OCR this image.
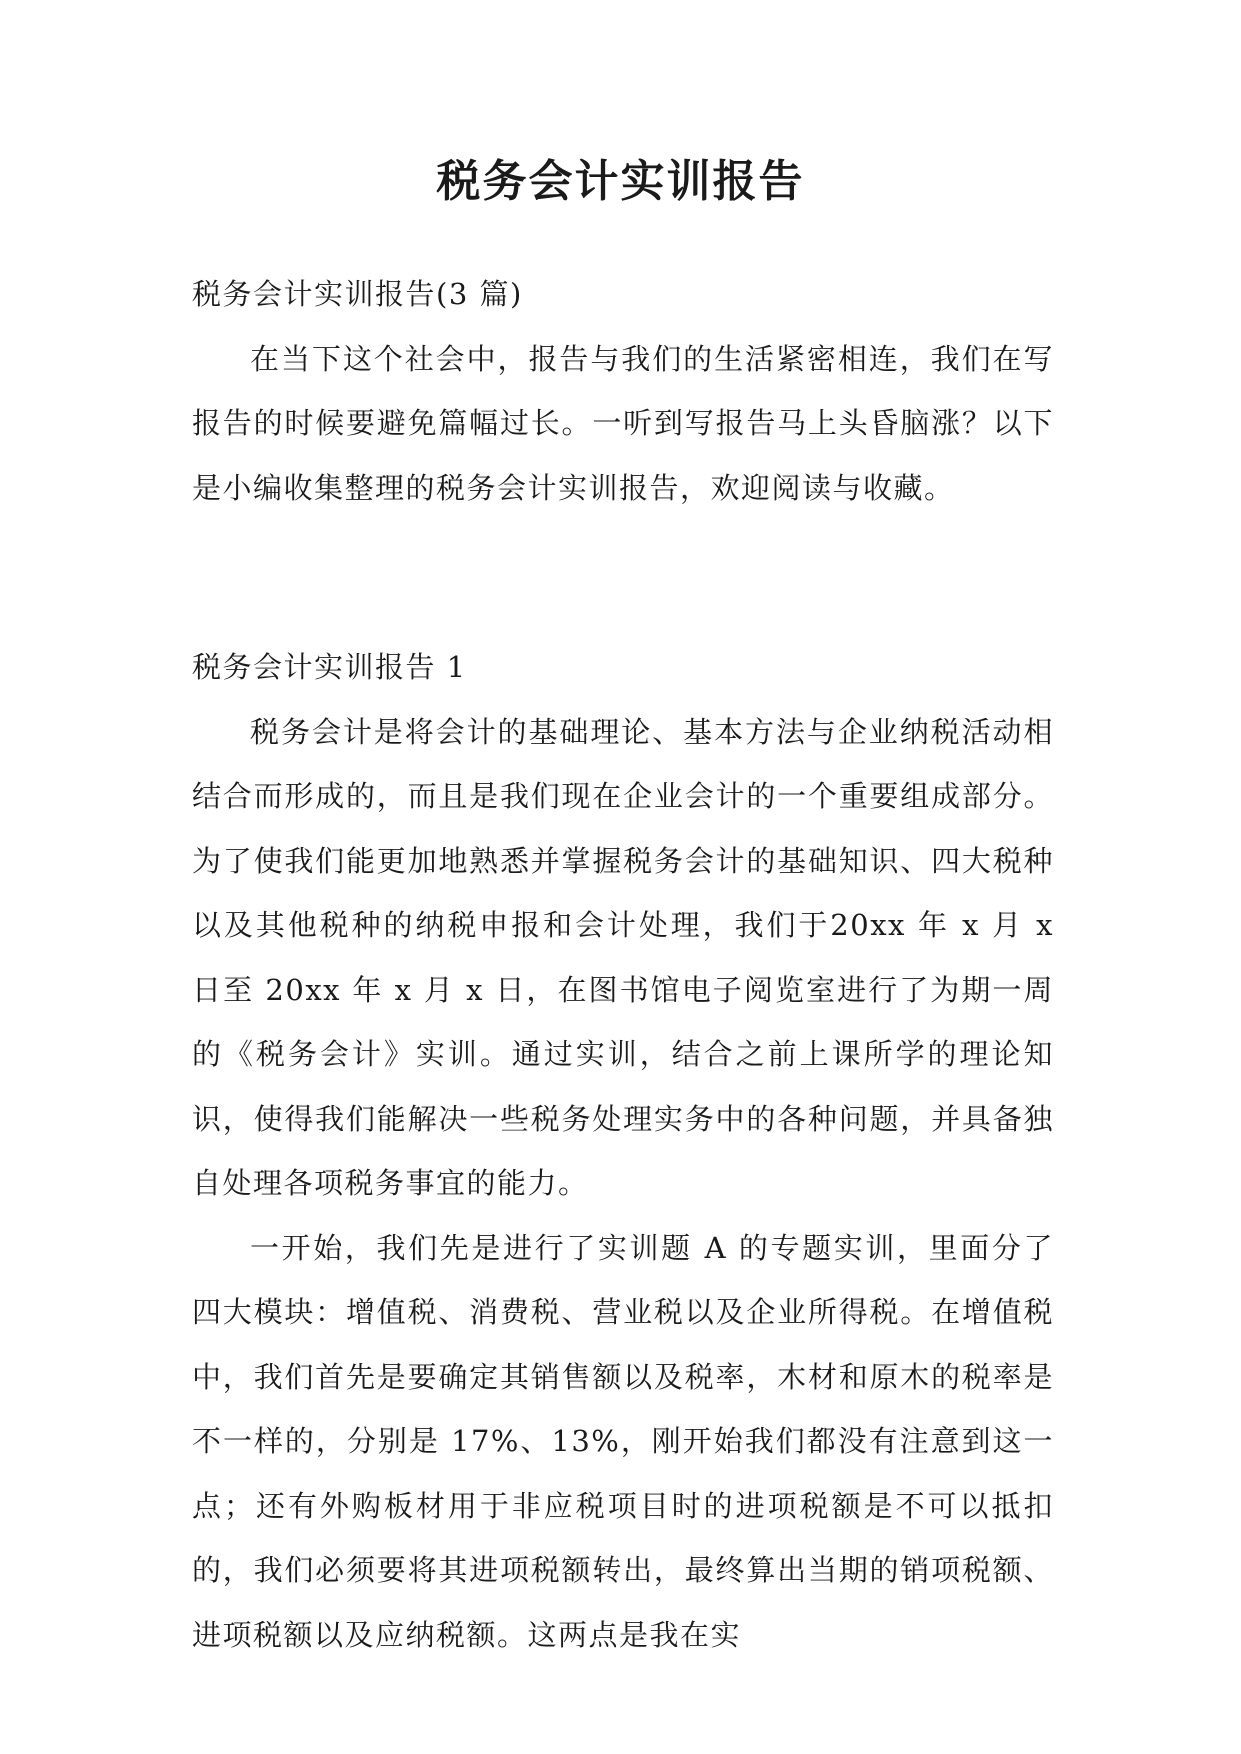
税务会计实训报告

税务会计实训报告(3 篇)

在当下这个社会中，报告与我们的生活紧密相连，我们在写报告的时候要避免篇幅过长。一听到写报告马上头昏脑涨？以下是小编收集整理的税务会计实训报告，欢迎阅读与收藏。

税务会计实训报告 1

税务会计是将会计的基础理论、基本方法与企业纳税活动相结合而形成的，而且是我们现在企业会计的一个重要组成部分。为了使我们能更加地熟悉并掌握税务会计的基础知识、四大税种以及其他税种的纳税申报和会计处理，我们于20xx 年 x 月 x 日至 20xx 年 x 月 x 日，在图书馆电子阅览室进行了为期一周的《税务会计》实训。通过实训，结合之前上课所学的理论知识，使得我们能解决一些税务处理实务中的各种问题，并具备独自处理各项税务事宜的能力。

一开始，我们先是进行了实训题 A 的专题实训，里面分了四大模块：增值税、消费税、营业税以及企业所得税。在增值税中，我们首先是要确定其销售额以及税率，木材和原木的税率是不一样的，分别是 17%、13%，刚开始我们都没有注意到这一点；还有外购板材用于非应税项目时的进项税额是不可以抵扣的，我们必须要将其进项税额转出，最终算出当期的销项税额、进项税额以及应纳税额。这两点是我在实
